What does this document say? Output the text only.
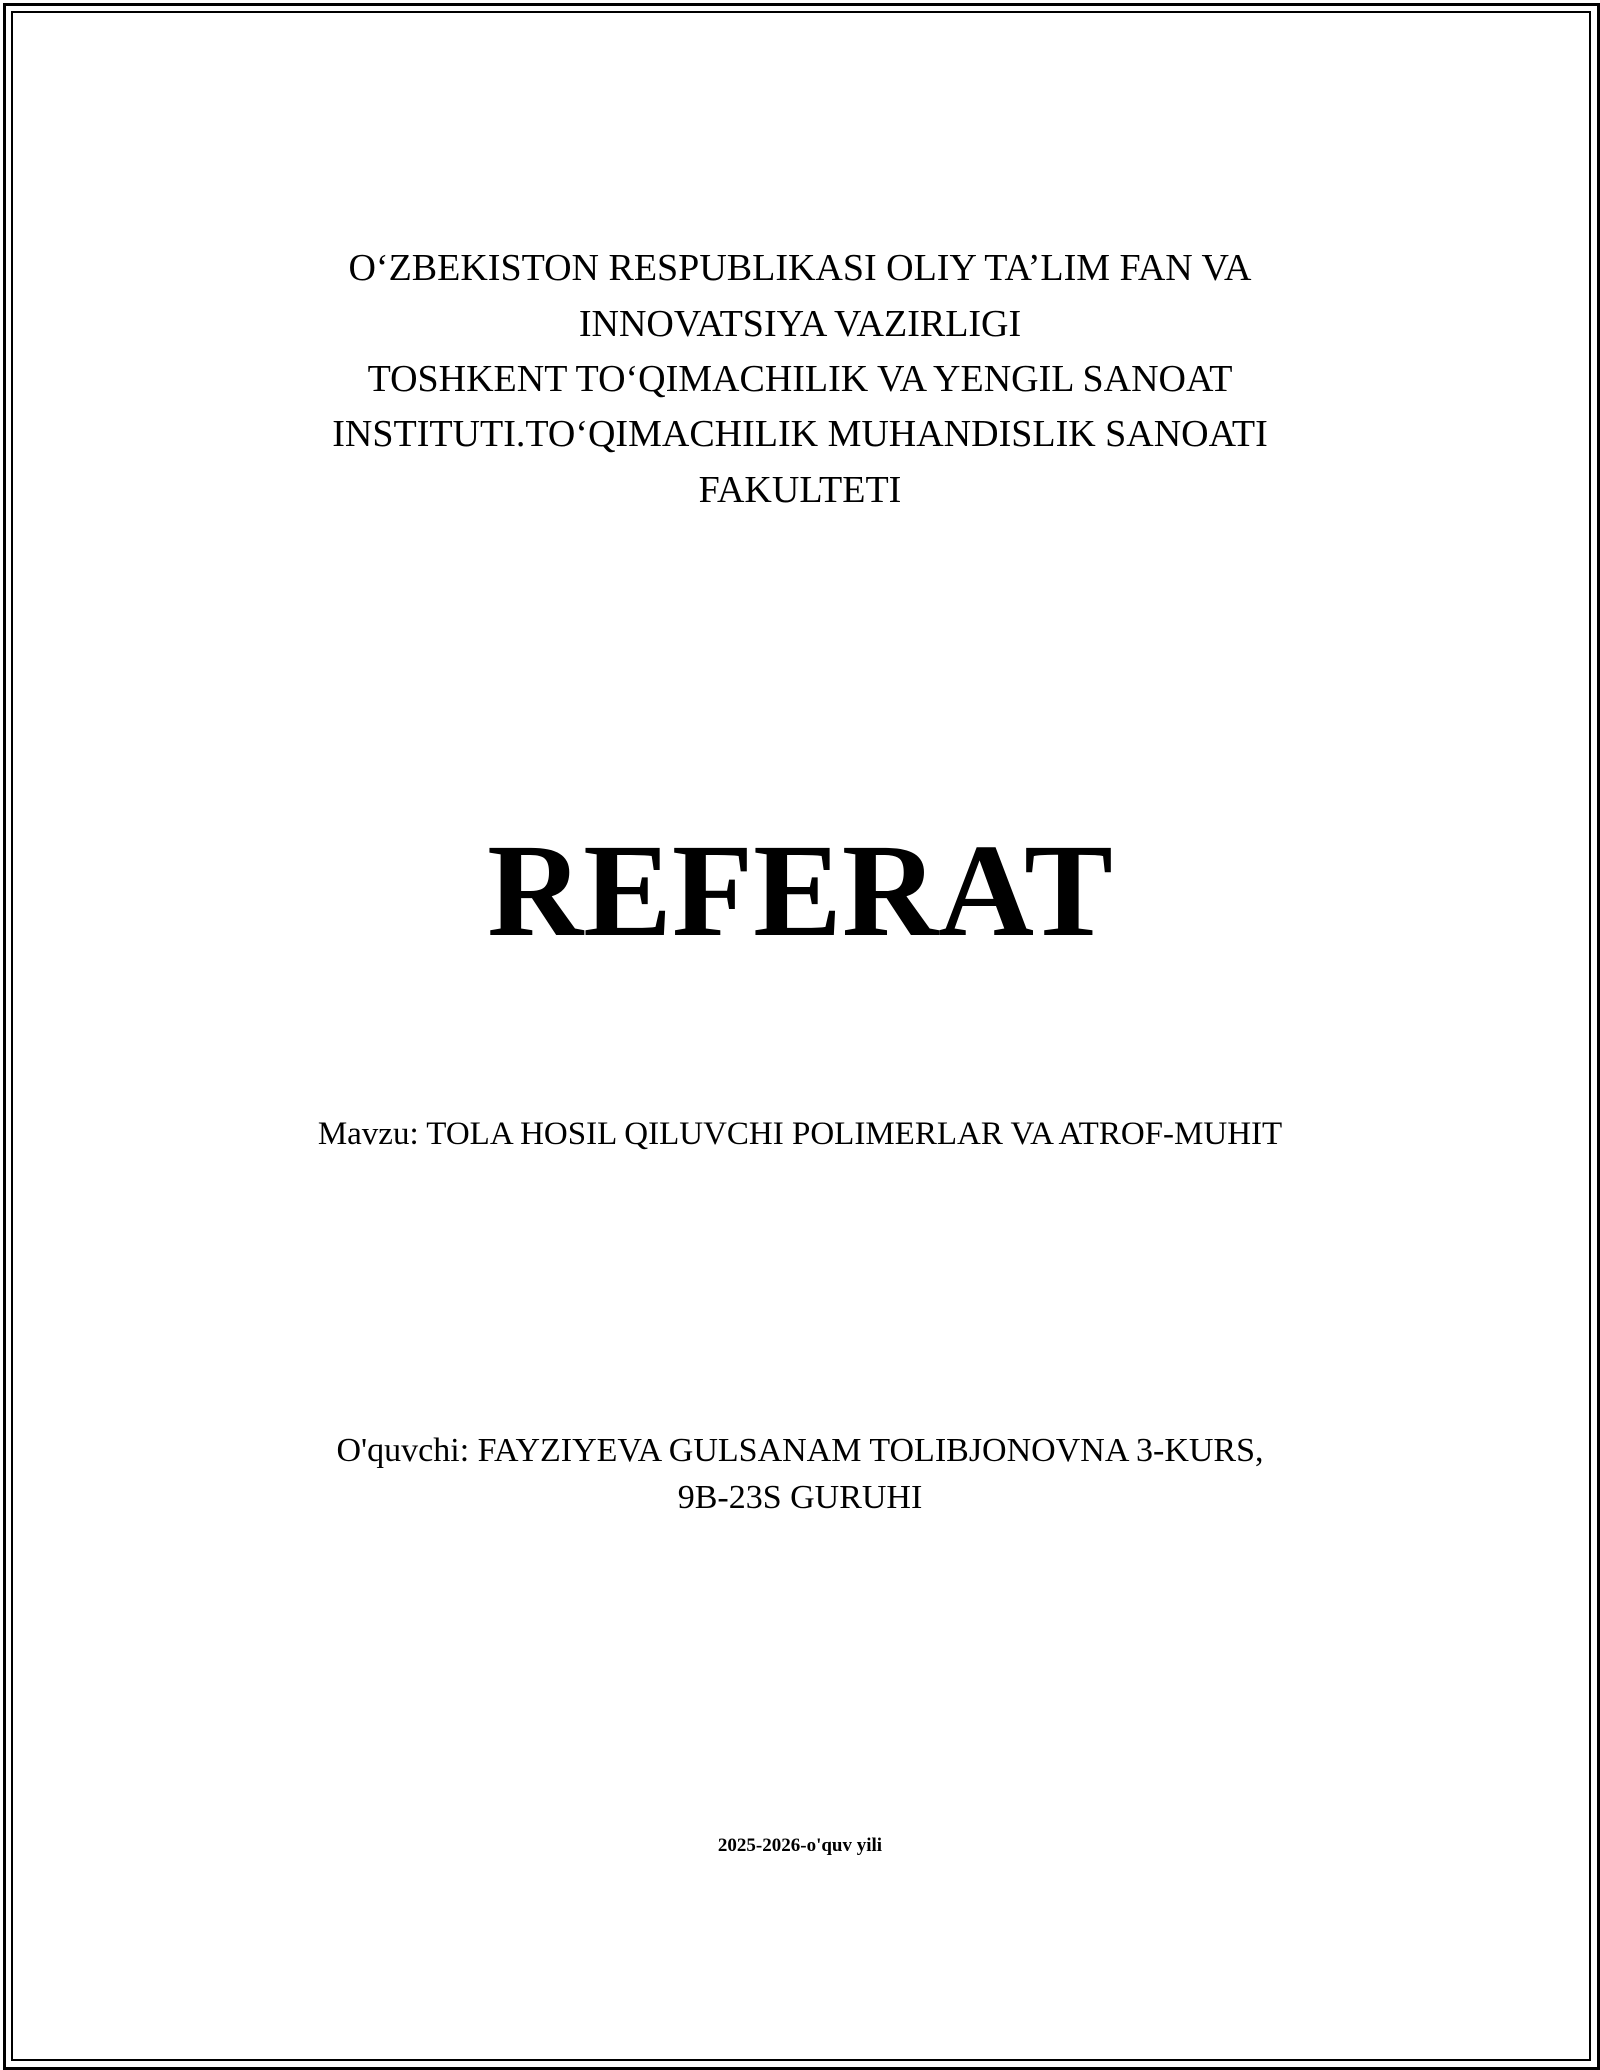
O‘ZBEKISTON RESPUBLIKASI OLIY TA’LIM FAN VA
INNOVATSIYA VAZIRLIGI
TOSHKENT TO‘QIMACHILIK VA YENGIL SANOAT
INSTITUTI.TO‘QIMACHILIK MUHANDISLIK SANOATI
FAKULTETI
REFERAT
Mavzu: TOLA HOSIL QILUVCHI POLIMERLAR VA ATROF-MUHIT
O'quvchi: FAYZIYEVA GULSANAM TOLIBJONOVNA 3-KURS,
9B-23S GURUHI
2025-2026-o'quv yili
